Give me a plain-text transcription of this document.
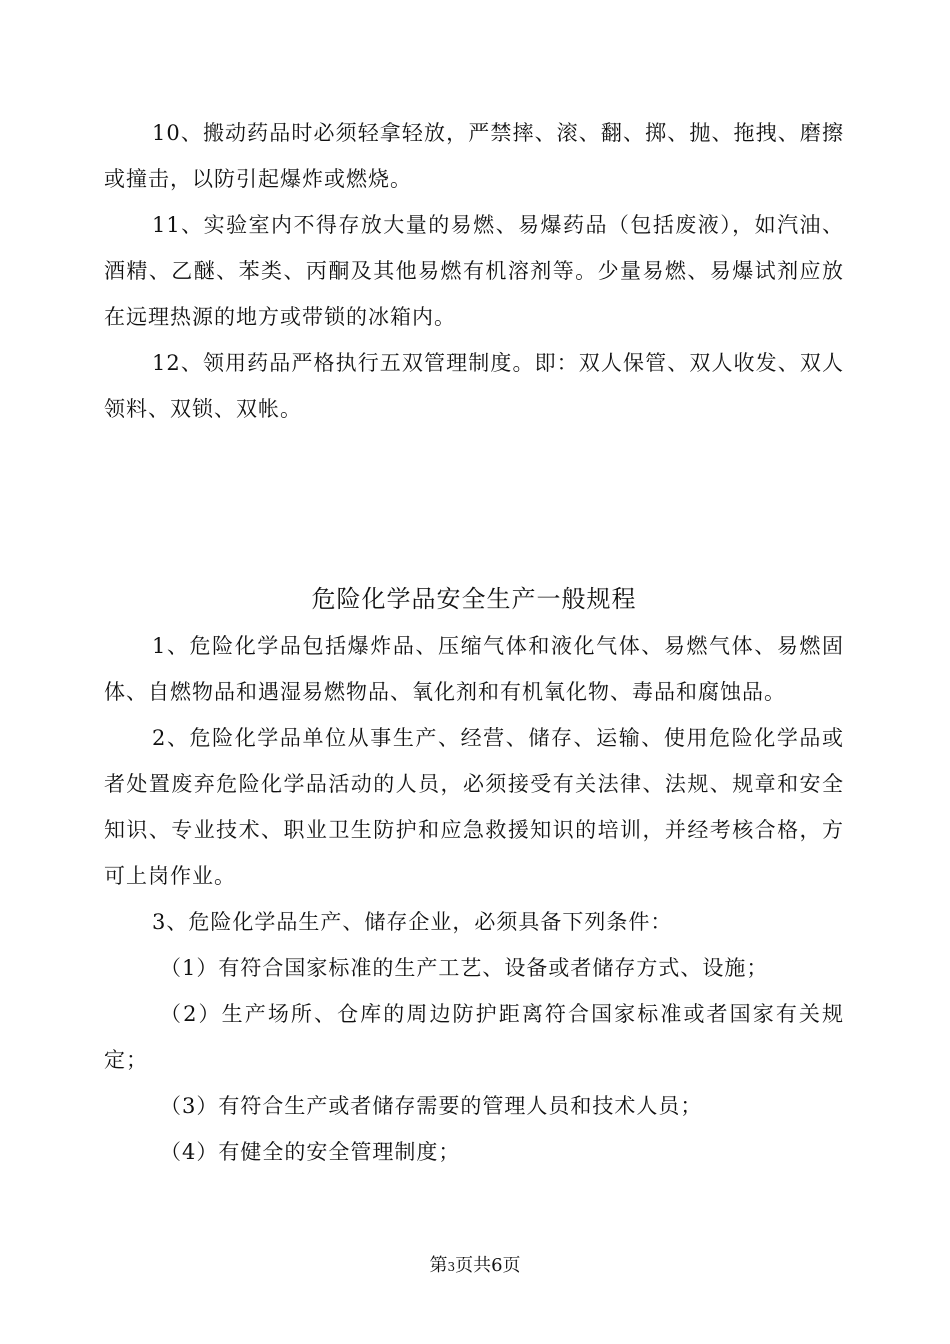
10、搬动药品时必须轻拿轻放，严禁摔、滚、翻、掷、抛、拖拽、磨擦或撞击，以防引起爆炸或燃烧。

11、实验室内不得存放大量的易燃、易爆药品（包括废液），如汽油、酒精、乙醚、苯类、丙酮及其他易燃有机溶剂等。少量易燃、易爆试剂应放在远理热源的地方或带锁的冰箱内。

12、领用药品严格执行五双管理制度。即：双人保管、双人收发、双人领料、双锁、双帐。

危险化学品安全生产一般规程

1、危险化学品包括爆炸品、压缩气体和液化气体、易燃气体、易燃固体、自燃物品和遇湿易燃物品、氧化剂和有机氧化物、毒品和腐蚀品。

2、危险化学品单位从事生产、经营、储存、运输、使用危险化学品或者处置废弃危险化学品活动的人员，必须接受有关法律、法规、规章和安全知识、专业技术、职业卫生防护和应急救援知识的培训，并经考核合格，方可上岗作业。

3、危险化学品生产、储存企业，必须具备下列条件：

（1）有符合国家标准的生产工艺、设备或者储存方式、设施；

（2）生产场所、仓库的周边防护距离符合国家标准或者国家有关规定；

（3）有符合生产或者储存需要的管理人员和技术人员；

（4）有健全的安全管理制度；

第3页共6页
